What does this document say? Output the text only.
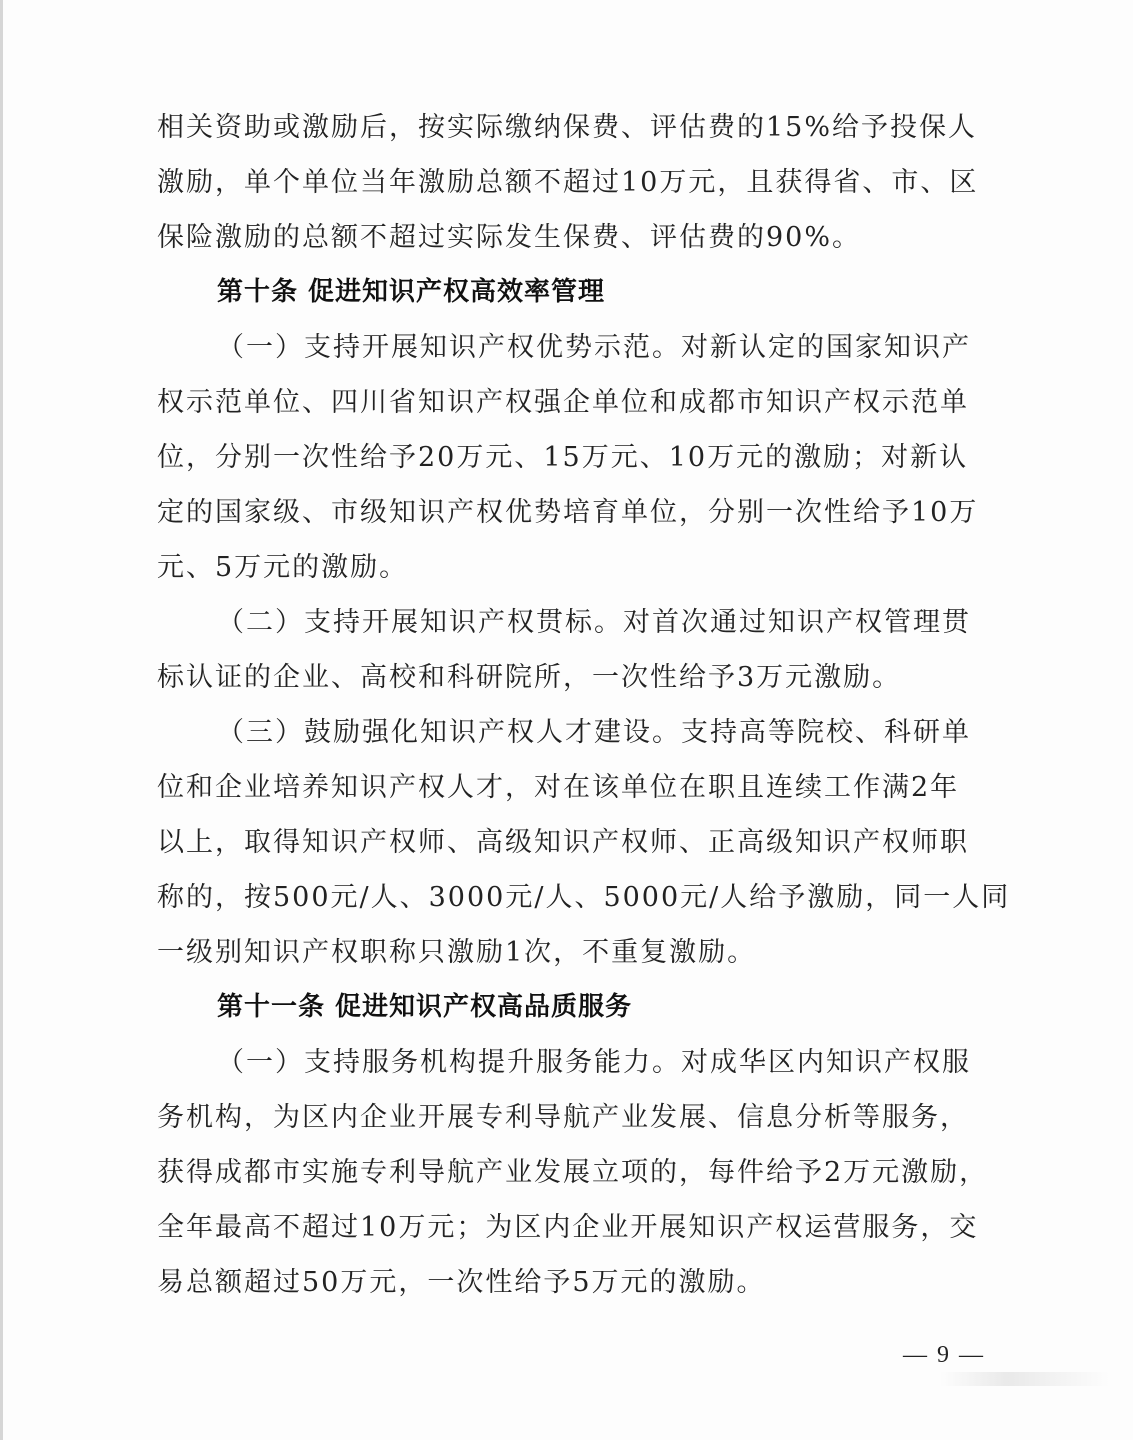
相关资助或激励后，按实际缴纳保费、评估费的15%给予投保人
激励，单个单位当年激励总额不超过10万元，且获得省、市、区
保险激励的总额不超过实际发生保费、评估费的90%。
第十条 促进知识产权高效率管理
（一）支持开展知识产权优势示范。对新认定的国家知识产
权示范单位、四川省知识产权强企单位和成都市知识产权示范单
位，分别一次性给予20万元、15万元、10万元的激励；对新认
定的国家级、市级知识产权优势培育单位，分别一次性给予10万
元、5万元的激励。
（二）支持开展知识产权贯标。对首次通过知识产权管理贯
标认证的企业、高校和科研院所，一次性给予3万元激励。
（三）鼓励强化知识产权人才建设。支持高等院校、科研单
位和企业培养知识产权人才，对在该单位在职且连续工作满2年
以上，取得知识产权师、高级知识产权师、正高级知识产权师职
称的，按500元/人、3000元/人、5000元/人给予激励，同一人同
一级别知识产权职称只激励1次，不重复激励。
第十一条 促进知识产权高品质服务
（一）支持服务机构提升服务能力。对成华区内知识产权服
务机构，为区内企业开展专利导航产业发展、信息分析等服务，
获得成都市实施专利导航产业发展立项的，每件给予2万元激励，
全年最高不超过10万元；为区内企业开展知识产权运营服务，交
易总额超过50万元，一次性给予5万元的激励。
— 9 —
